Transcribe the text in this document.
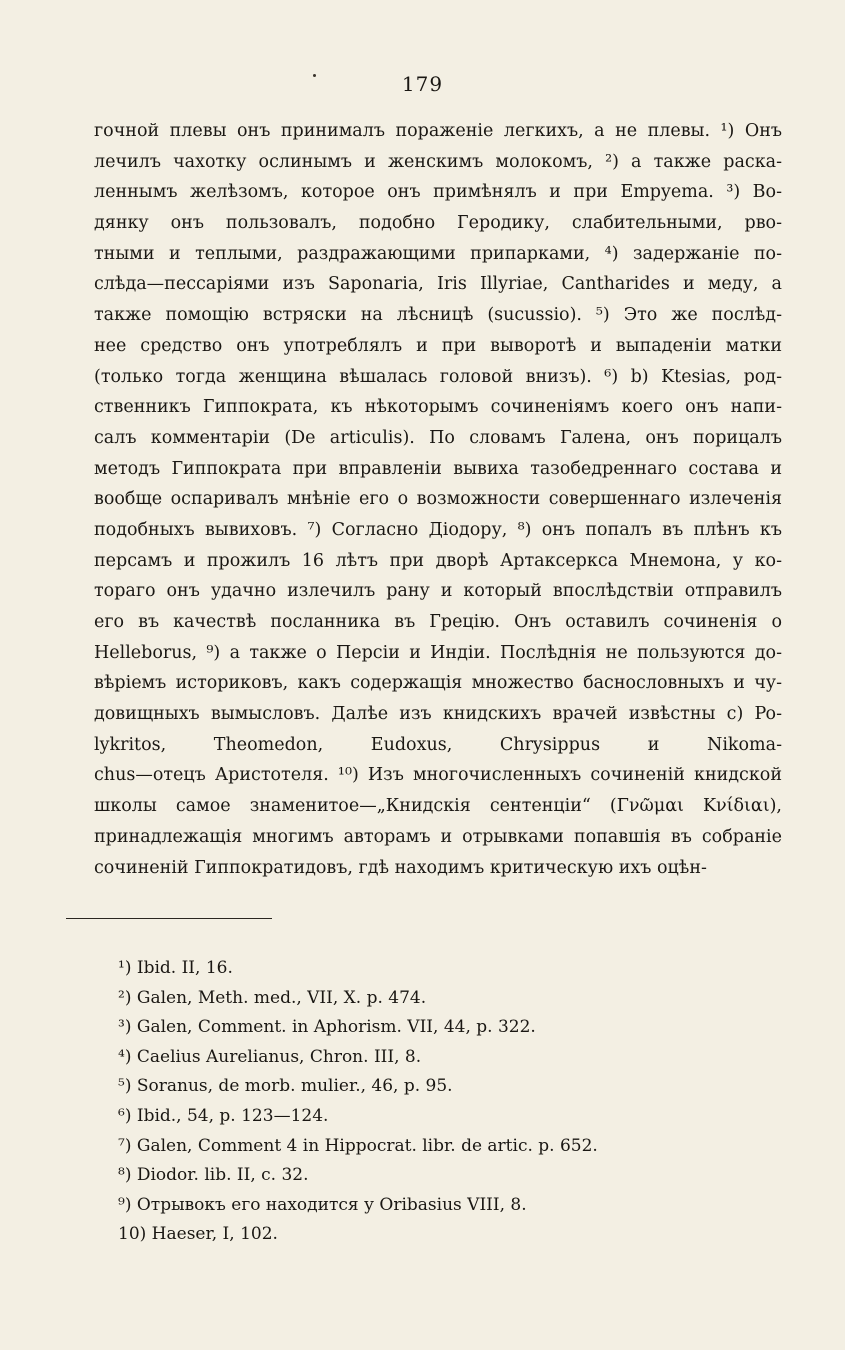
179
гочной плевы онъ принималъ пораженіе легкихъ, а не плевы. ¹) Онъ
лечилъ чахотку ослинымъ и женскимъ молокомъ, ²) а также раска-
леннымъ желѣзомъ, которое онъ примѣнялъ и при Empyema. ³) Во-
дянку онъ пользовалъ, подобно Геродику, слабительными, рво-
тными и теплыми, раздражающими припарками, ⁴) задержаніе по-
слѣда—пессаріями изъ Saponaria, Iris Illyriae, Cantharides и меду, а
также помощію встряски на лѣсницѣ (sucussio). ⁵) Это же послѣд-
нее средство онъ употреблялъ и при выворотѣ и выпаденіи матки
(только тогда женщина вѣшалась головой внизъ). ⁶) b) Ktesias, род-
ственникъ Гиппократа, къ нѣкоторымъ сочиненіямъ коего онъ напи-
салъ комментаріи (De articulis). По словамъ Галена, онъ порицалъ
методъ Гиппократа при вправленіи вывиха тазобедреннаго состава и
вообще оспаривалъ мнѣніе его о возможности совершеннаго излеченія
подобныхъ вывиховъ. ⁷) Согласно Діодору, ⁸) онъ попалъ въ плѣнъ къ
персамъ и прожилъ 16 лѣтъ при дворѣ Артаксеркса Мнемона, у ко-
тораго онъ удачно излечилъ рану и который впослѣдствіи отправилъ
его въ качествѣ посланника въ Грецію. Онъ оставилъ сочиненія о
Helleborus, ⁹) а также о Персіи и Индіи. Послѣднія не пользуются до-
вѣріемъ историковъ, какъ содержащія множество баснословныхъ и чу-
довищныхъ вымысловъ. Далѣе изъ книдскихъ врачей извѣстны с) Po-
lykritos, Theomedon, Eudoxus, Chrysippus и Nikoma-
chus—отецъ Аристотеля. ¹⁰) Изъ многочисленныхъ сочиненій книдской
школы самое знаменитое—„Книдскія сентенціи“ (Γνῶμαι Κνίδιαι),
принадлежащія многимъ авторамъ и отрывками попавшія въ собраніе
сочиненій Гиппократидовъ, гдѣ находимъ критическую ихъ оцѣн-
¹) Ibid. II, 16.
²) Galen, Meth. med., VII, X. p. 474.
³) Galen, Comment. in Aphorism. VII, 44, p. 322.
⁴) Caelius Aurelianus, Chron. III, 8.
⁵) Soranus, de morb. mulier., 46, p. 95.
⁶) Ibid., 54, p. 123—124.
⁷) Galen, Comment 4 in Hippocrat. libr. de artic. p. 652.
⁸) Diodor. lib. II, c. 32.
⁹) Отрывокъ его находится у Oribasius VIII, 8.
10) Haeser, I, 102.
